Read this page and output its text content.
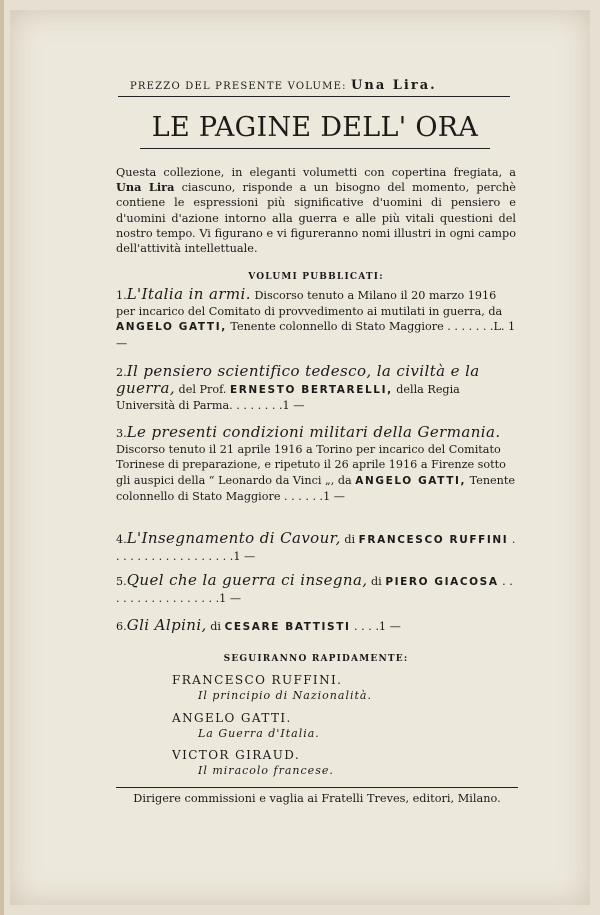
PREZZO DEL PRESENTE VOLUME: Una Lira.
LE PAGINE DELL' ORA
Questa collezione, in eleganti volumetti con copertina fregiata, a Una Lira ciascuno, risponde a un bisogno del momento, perchè contiene le espressioni più significative d'uomini di pensiero e d'uomini d'azione intorno alla guerra e alle più vitali questioni del nostro tempo. Vi figurano e vi figureranno nomi illustri in ogni campo dell'attività intellettuale.
VOLUMI PUBBLICATI:
1.L'Italia in armi. Discorso tenuto a Milano il 20 marzo 1916 per incarico del Comitato di provvedimento ai mutilati in guerra, da ANGELO GATTI, Tenente colonnello di Stato Maggiore . . . . . . .L. 1 —
2.Il pensiero scientifico tedesco, la civiltà e la guerra, del Prof. ERNESTO BERTARELLI, della Regia Università di Parma. . . . . . . .1 —
3.Le presenti condizioni militari della Germania. Discorso tenuto il 21 aprile 1916 a Torino per incarico del Comitato Torinese di preparazione, e ripetuto il 26 aprile 1916 a Firenze sotto gli auspici della “ Leonardo da Vinci „, da ANGELO GATTI, Tenente colonnello di Stato Maggiore . . . . . .1 —
4.L'Insegnamento di Cavour, di FRANCESCO RUFFINI . . . . . . . . . . . . . . . . . .1 —
5.Quel che la guerra ci insegna, di PIERO GIACOSA . . . . . . . . . . . . . . . . .1 —
6.Gli Alpini, di CESARE BATTISTI . . . .1 —
SEGUIRANNO RAPIDAMENTE:
FRANCESCO RUFFINI.
Il principio di Nazionalità.
ANGELO GATTI.
La Guerra d'Italia.
VICTOR GIRAUD.
Il miracolo francese.
Dirigere commissioni e vaglia ai Fratelli Treves, editori, Milano.
